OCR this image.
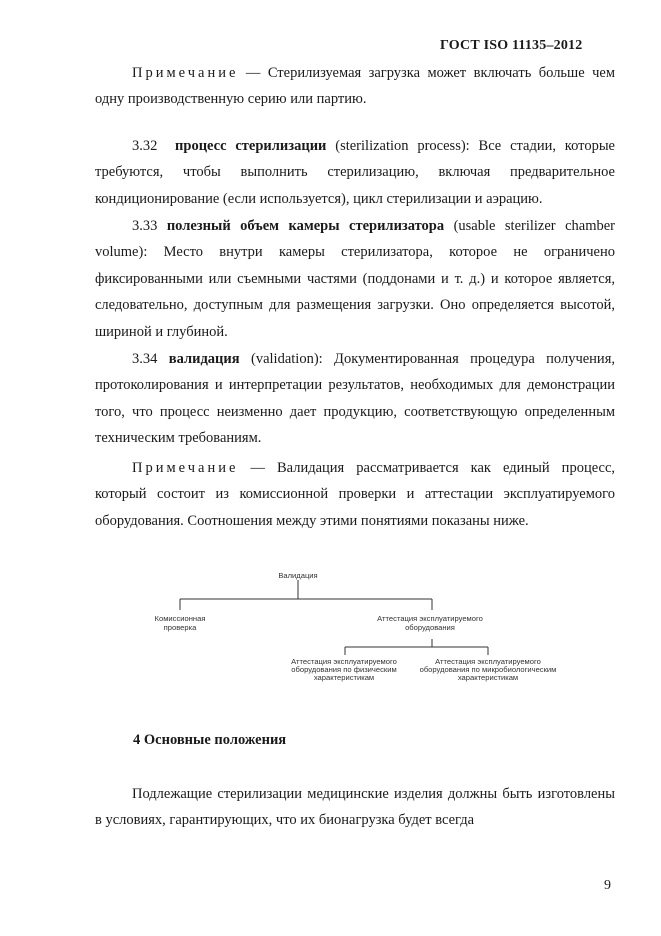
ГОСТ ISO 11135–2012
Примечание — Стерилизуемая загрузка может включать больше чем одну производственную серию или партию.
3.32 процесс стерилизации (sterilization process): Все стадии, которые требуются, чтобы выполнить стерилизацию, включая предварительное кондиционирование (если используется), цикл стерилизации и аэрацию.
3.33 полезный объем камеры стерилизатора (usable sterilizer chamber volume): Место внутри камеры стерилизатора, которое не ограничено фиксированными или съемными частями (поддонами и т. д.) и которое является, следовательно, доступным для размещения загрузки. Оно определяется высотой, шириной и глубиной.
3.34 валидация (validation): Документированная процедура получения, протоколирования и интерпретации результатов, необходимых для демонстрации того, что процесс неизменно дает продукцию, соответствующую определенным техническим требованиям.
Примечание — Валидация рассматривается как единый процесс, который состоит из комиссионной проверки и аттестации эксплуатируемого оборудования. Соотношения между этими понятиями показаны ниже.
Валидация
Комиссионная
проверка
Аттестация эксплуатируемого
оборудования
Аттестация эксплуатируемого
оборудования по физическим
характеристикам
Аттестация эксплуатируемого
оборудования по микробиологическим
характеристикам
4 Основные положения
Подлежащие стерилизации медицинские изделия должны быть изготовлены в условиях, гарантирующих, что их бионагрузка будет всегда
9
